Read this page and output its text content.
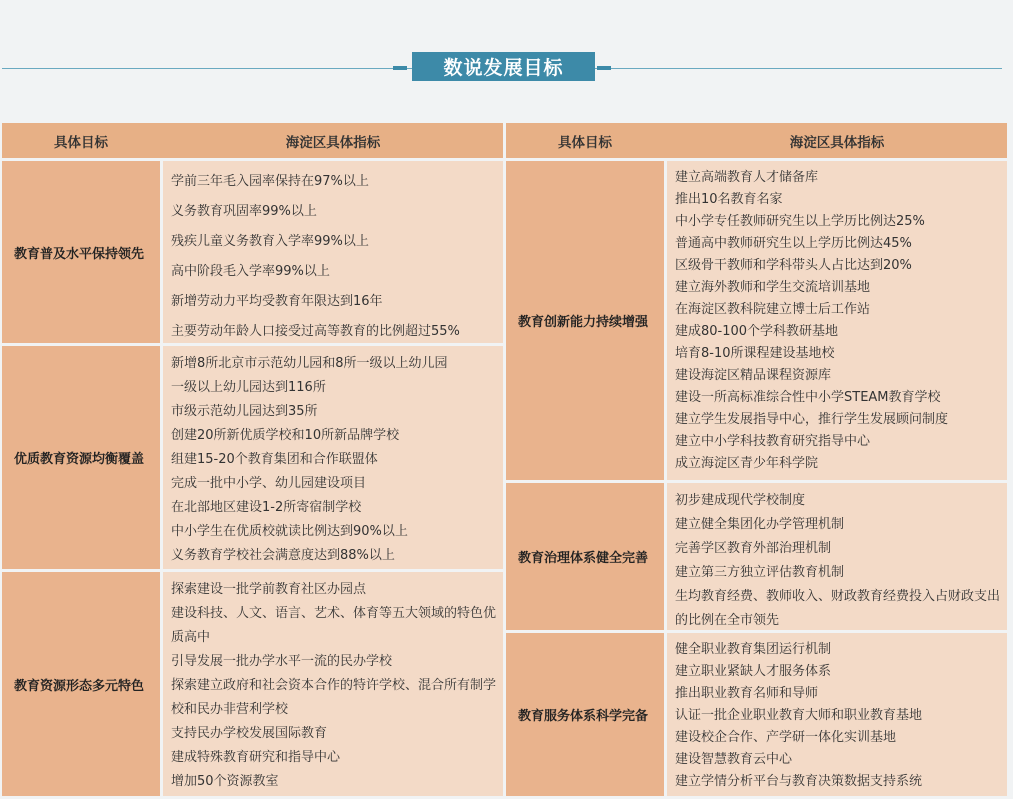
数说发展目标
具体目标	海淀区具体指标
教育普及水平保持领先
学前三年毛入园率保持在97%以上
义务教育巩固率99%以上
残疾儿童义务教育入学率99%以上
高中阶段毛入学率99%以上
新增劳动力平均受教育年限达到16年
主要劳动年龄人口接受过高等教育的比例超过55%
优质教育资源均衡覆盖
新增8所北京市示范幼儿园和8所一级以上幼儿园
一级以上幼儿园达到116所
市级示范幼儿园达到35所
创建20所新优质学校和10所新品牌学校
组建15-20个教育集团和合作联盟体
完成一批中小学、幼儿园建设项目
在北部地区建设1-2所寄宿制学校
中小学生在优质校就读比例达到90%以上
义务教育学校社会满意度达到88%以上
教育资源形态多元特色
探索建设一批学前教育社区办园点
建设科技、人文、语言、艺术、体育等五大领域的特色优质高中
引导发展一批办学水平一流的民办学校
探索建立政府和社会资本合作的特许学校、混合所有制学校和民办非营利学校
支持民办学校发展国际教育
建成特殊教育研究和指导中心
增加50个资源教室
具体目标	海淀区具体指标
教育创新能力持续增强
建立高端教育人才储备库
推出10名教育名家
中小学专任教师研究生以上学历比例达25%
普通高中教师研究生以上学历比例达45%
区级骨干教师和学科带头人占比达到20%
建立海外教师和学生交流培训基地
在海淀区教科院建立博士后工作站
建成80-100个学科教研基地
培育8-10所课程建设基地校
建设海淀区精品课程资源库
建设一所高标准综合性中小学STEAM教育学校
建立学生发展指导中心，推行学生发展顾问制度
建立中小学科技教育研究指导中心
成立海淀区青少年科学院
教育治理体系健全完善
初步建成现代学校制度
建立健全集团化办学管理机制
完善学区教育外部治理机制
建立第三方独立评估教育机制
生均教育经费、教师收入、财政教育经费投入占财政支出的比例在全市领先
教育服务体系科学完备
健全职业教育集团运行机制
建立职业紧缺人才服务体系
推出职业教育名师和导师
认证一批企业职业教育大师和职业教育基地
建设校企合作、产学研一体化实训基地
建设智慧教育云中心
建立学情分析平台与教育决策数据支持系统
